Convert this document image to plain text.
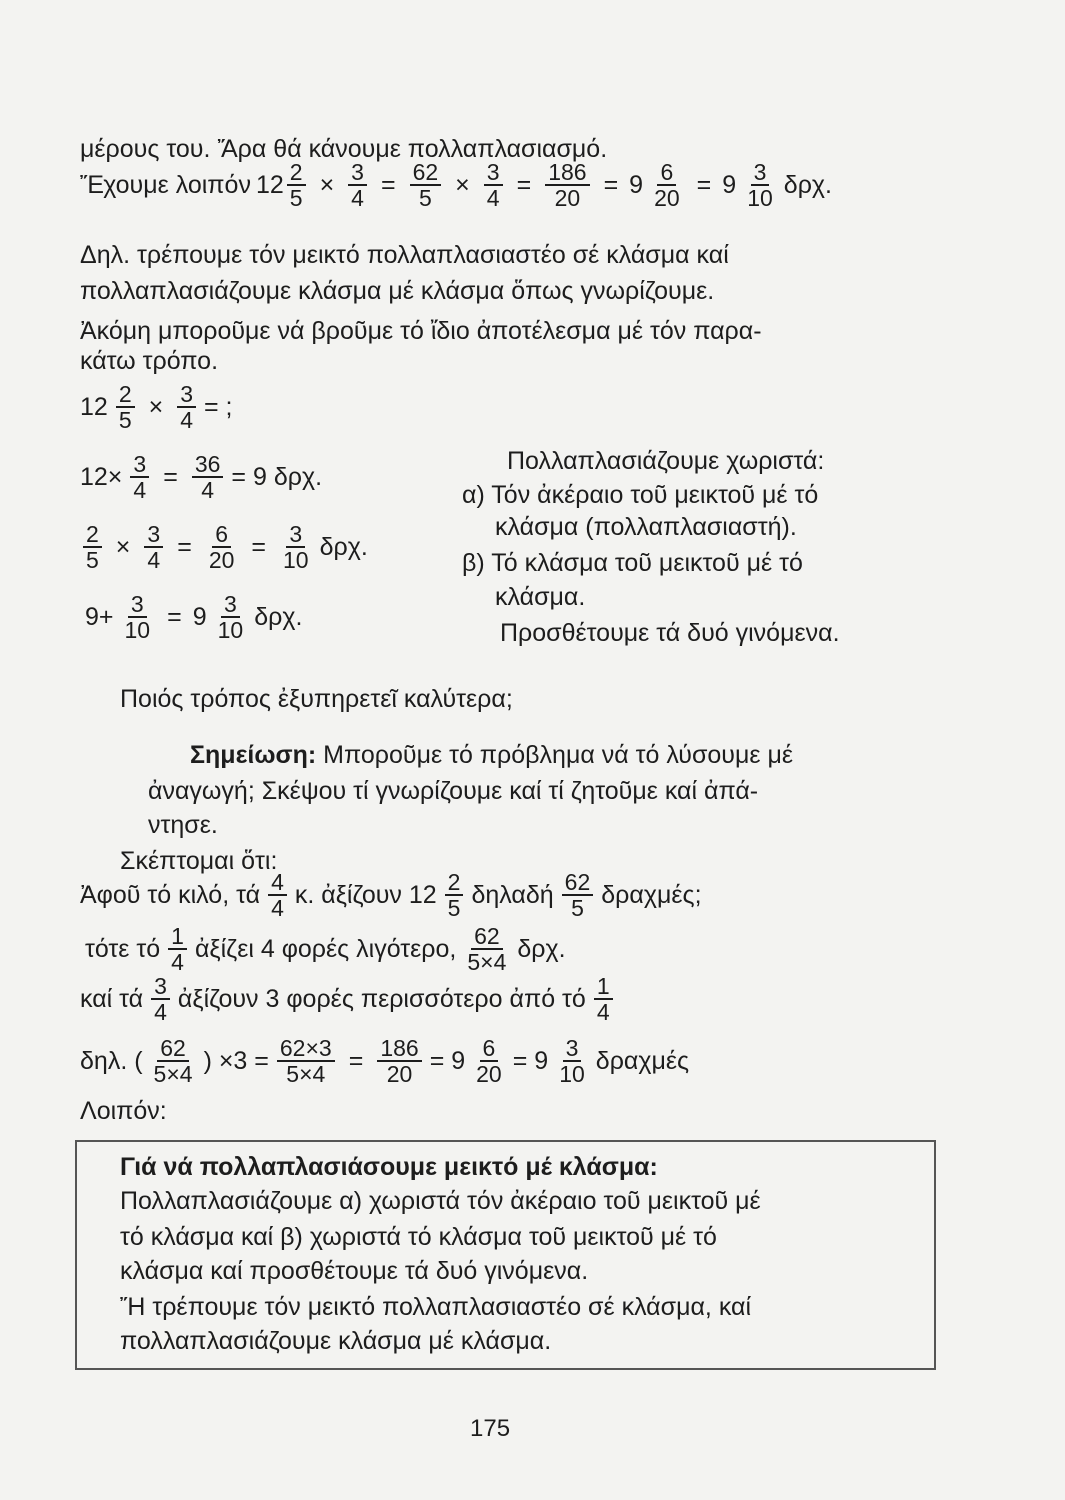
μέρους του. Ἄρα θά κάνουμε πολλαπλασιασμό.
Ἔχουμε λοιπόν $12 \frac{2}{5} \times \frac{3}{4} = \frac{62}{5} \times \frac{3}{4} = \frac{186}{20} = 9 \frac{6}{20} = 9 \frac{3}{10} \delta\rho\chi$.
Δηλ. τρέπουμε τόν μεικτό πολλαπλασιαστέο σέ κλάσμα καί
πολλαπλασιάζουμε κλάσμα μέ κλάσμα ὅπως γνωρίζουμε.
Ἀκόμη μποροῦμε νά βροῦμε τό ἴδιο ἀποτέλεσμα μέ τόν παρα-
κάτω τρόπο.
$12 \frac{2}{5} \times \frac{3}{4}$ = ;
$12\times \frac{3}{4} = \frac{36}{4} = 9$ δρχ.
$\frac{2}{5} \times \frac{3}{4} = \frac{6}{20} = \frac{3}{10} \delta\rho\chi$.
$9+ \frac{3}{10} = 9 \frac{3}{10} \delta\rho\chi$.
Πολλαπλασιάζουμε χωριστά:
α) Τόν ἀκέραιο τοῦ μεικτοῦ μέ τό
κλάσμα (πολλαπλασιαστή).
β) Τό κλάσμα τοῦ μεικτοῦ μέ τό
κλάσμα.
Προσθέτουμε τά δυό γινόμενα.
Ποιός τρόπος ἐξυπηρετεῖ καλύτερα;
Σημείωση: Μποροῦμε τό πρόβλημα νά τό λύσουμε μέ
ἀναγωγή; Σκέψου τί γνωρίζουμε καί τί ζητοῦμε καί ἀπά-
ντησε.
Σκέπτομαι ὅτι:
Ἀφοῦ τό κιλό, τά $\frac{4}{4} \kappa$. ἀξίζουν $12 \frac{2}{5}$ δηλαδή $\frac{62}{5} \delta\rho\alpha\chi\mu έ\varsigma$;
τότε τό $\frac{1}{4}$ ἀξίζει 4 φορές λιγότερο, $\frac{62}{5\times 4} \delta\rho\chi$.
καί τά $\frac{3}{4}$ ἀξίζουν 3 φορές περισσότερο ἀπό τό $\frac{1}{4}$
δηλ. ( $\frac{62}{5\times 4}$ ) $\times 3 = \frac{62\times 3}{5\times 4} = \frac{186}{20} = 9 \frac{6}{20} = 9 \frac{3}{10}$ δραχμές
Λοιπόν:
Γιά νά πολλαπλασιάσουμε μεικτό μέ κλάσμα:
Πολλαπλασιάζουμε α) χωριστά τόν ἀκέραιο τοῦ μεικτοῦ μέ
τό κλάσμα καί β) χωριστά τό κλάσμα τοῦ μεικτοῦ μέ τό
κλάσμα καί προσθέτουμε τά δυό γινόμενα.
Ἤ τρέπουμε τόν μεικτό πολλαπλασιαστέο σέ κλάσμα, καί
πολλαπλασιάζουμε κλάσμα μέ κλάσμα.
175
